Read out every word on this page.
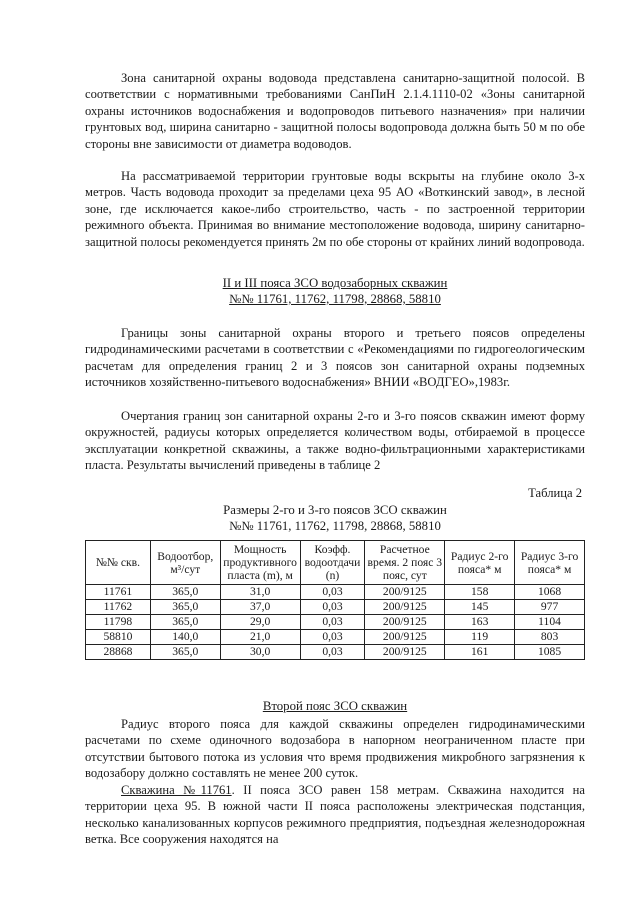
Зона санитарной охраны водовода представлена санитарно-защитной полосой. В соответствии с нормативными требованиями СанПиН 2.1.4.1110-02 «Зоны санитарной охраны источников водоснабжения и водопроводов питьевого назначения» при наличии грунтовых вод, ширина санитарно - защитной полосы водопровода должна быть 50 м по обе стороны вне зависимости от диаметра водоводов.

На рассматриваемой территории грунтовые воды вскрыты на глубине около 3-х метров. Часть водовода проходит за пределами цеха 95 АО «Воткинский завод», в лесной зоне, где исключается какое-либо строительство, часть - по застроенной территории режимного объекта. Принимая во внимание местоположение водовода, ширину санитарно-защитной полосы рекомендуется принять 2м по обе стороны от крайних линий водопровода.

II и III пояса ЗСО водозаборных скважин

№№ 11761, 11762, 11798, 28868, 58810

Границы зоны санитарной охраны второго и третьего поясов определены гидродинамическими расчетами в соответствии с «Рекомендациями по гидрогеологическим расчетам для определения границ 2 и 3 поясов зон санитарной охраны подземных источников хозяйственно-питьевого водоснабжения» ВНИИ «ВОДГЕО»,1983г.

Очертания границ зон санитарной охраны 2-го и 3-го поясов скважин имеют форму окружностей, радиусы которых определяется количеством воды, отбираемой в процессе эксплуатации конкретной скважины, а также водно-фильтрационными характеристиками пласта. Результаты вычислений приведены в таблице 2

Таблица 2

Размеры 2-го и 3-го поясов ЗСО скважин

№№ 11761, 11762, 11798, 28868, 58810

№№ скв.	Водоотбор, м³/сут	Мощность продуктивного пласта (m), м	Коэфф. водоотдачи (n)	Расчетное время. 2 пояс 3 пояс, сут	Радиус 2-го пояса* м	Радиус 3-го пояса* м
11761	365,0	31,0	0,03	200/9125	158	1068
11762	365,0	37,0	0,03	200/9125	145	977
11798	365,0	29,0	0,03	200/9125	163	1104
58810	140,0	21,0	0,03	200/9125	119	803
28868	365,0	30,0	0,03	200/9125	161	1085

Второй пояс ЗСО скважин

Радиус второго пояса для каждой скважины определен гидродинамическими расчетами по схеме одиночного водозабора в напорном неограниченном пласте при отсутствии бытового потока из условия что время продвижения микробного загрязнения к водозабору должно составлять не менее 200 суток.

Скважина №11761. II пояса ЗСО равен 158 метрам. Скважина находится на территории цеха 95. В южной части II пояса расположены электрическая подстанция, несколько канализованных корпусов режимного предприятия, подъездная железнодорожная ветка. Все сооружения находятся на
